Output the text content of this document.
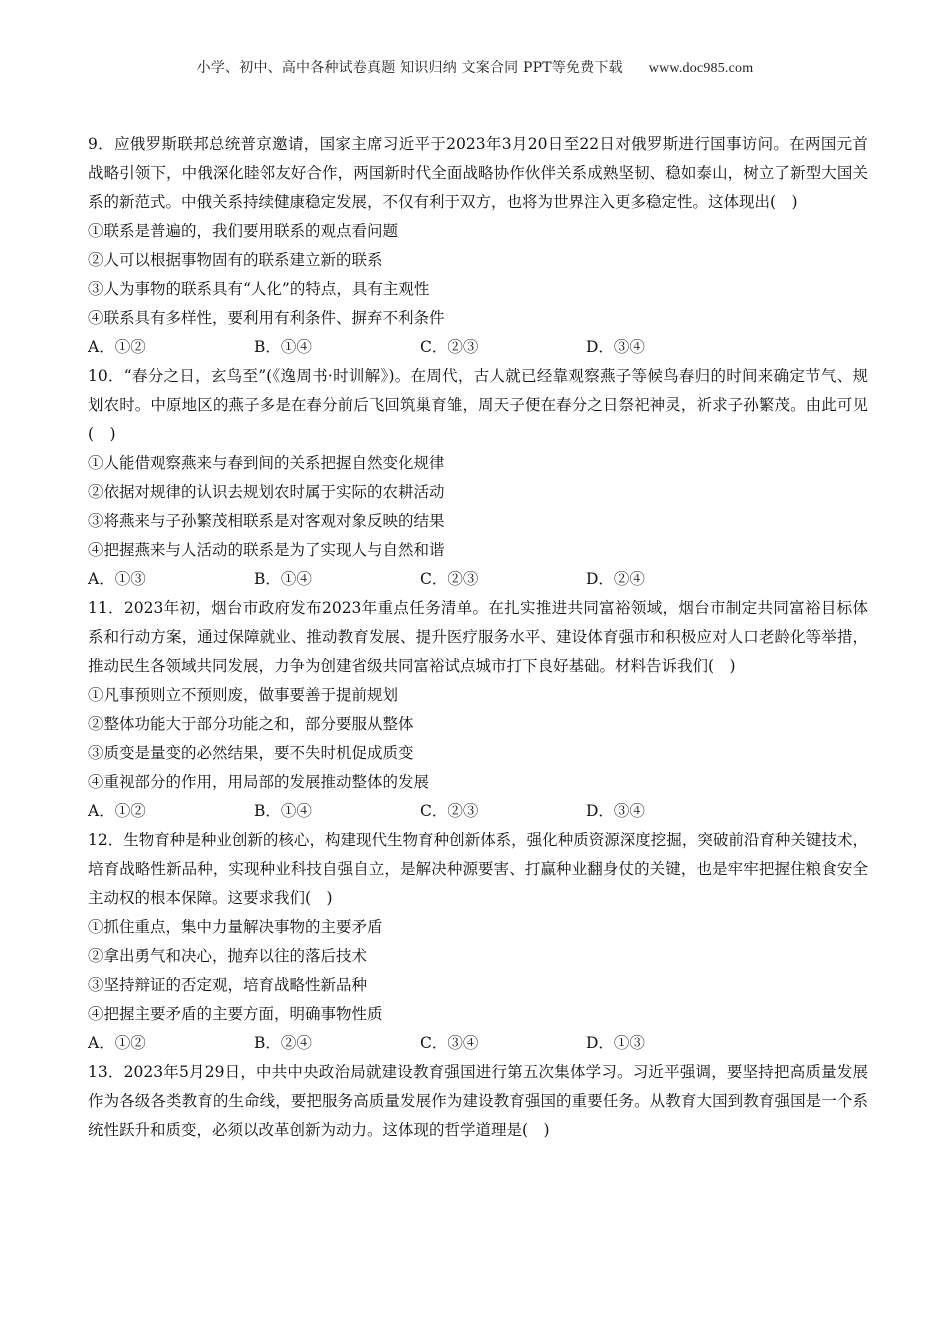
小学、初中、高中各种试卷真题 知识归纳 文案合同 PPT等免费下载 www.doc985.com

9．应俄罗斯联邦总统普京邀请，国家主席习近平于2023年3月20日至22日对俄罗斯进行国事访问。在两国元首战略引领下，中俄深化睦邻友好合作，两国新时代全面战略协作伙伴关系成熟坚韧、稳如泰山，树立了新型大国关系的新范式。中俄关系持续健康稳定发展，不仅有利于双方，也将为世界注入更多稳定性。这体现出(　)

①联系是普遍的，我们要用联系的观点看问题

②人可以根据事物固有的联系建立新的联系

③人为事物的联系具有“人化”的特点，具有主观性

④联系具有多样性，要利用有利条件、摒弃不利条件

A．①②	B．①④	C．②③	D．③④

10．“春分之日，玄鸟至”(《逸周书·时训解》)。在周代，古人就已经靠观察燕子等候鸟春归的时间来确定节气、规划农时。中原地区的燕子多是在春分前后飞回筑巢育雏，周天子便在春分之日祭祀神灵，祈求子孙繁茂。由此可见(　)

①人能借观察燕来与春到间的关系把握自然变化规律

②依据对规律的认识去规划农时属于实际的农耕活动

③将燕来与子孙繁茂相联系是对客观对象反映的结果

④把握燕来与人活动的联系是为了实现人与自然和谐

A．①③	B．①④	C．②③	D．②④

11．2023年初，烟台市政府发布2023年重点任务清单。在扎实推进共同富裕领域，烟台市制定共同富裕目标体系和行动方案，通过保障就业、推动教育发展、提升医疗服务水平、建设体育强市和积极应对人口老龄化等举措，推动民生各领域共同发展，力争为创建省级共同富裕试点城市打下良好基础。材料告诉我们(　)

①凡事预则立不预则废，做事要善于提前规划

②整体功能大于部分功能之和，部分要服从整体

③质变是量变的必然结果，要不失时机促成质变

④重视部分的作用，用局部的发展推动整体的发展

A．①②	B．①④	C．②③	D．③④

12．生物育种是种业创新的核心，构建现代生物育种创新体系，强化种质资源深度挖掘，突破前沿育种关键技术，培育战略性新品种，实现种业科技自强自立，是解决种源要害、打赢种业翻身仗的关键，也是牢牢把握住粮食安全主动权的根本保障。这要求我们(　)

①抓住重点，集中力量解决事物的主要矛盾

②拿出勇气和决心，抛弃以往的落后技术

③坚持辩证的否定观，培育战略性新品种

④把握主要矛盾的主要方面，明确事物性质

A．①②	B．②④	C．③④	D．①③

13．2023年5月29日，中共中央政治局就建设教育强国进行第五次集体学习。习近平强调，要坚持把高质量发展作为各级各类教育的生命线，要把服务高质量发展作为建设教育强国的重要任务。从教育大国到教育强国是一个系统性跃升和质变，必须以改革创新为动力。这体现的哲学道理是(　)
